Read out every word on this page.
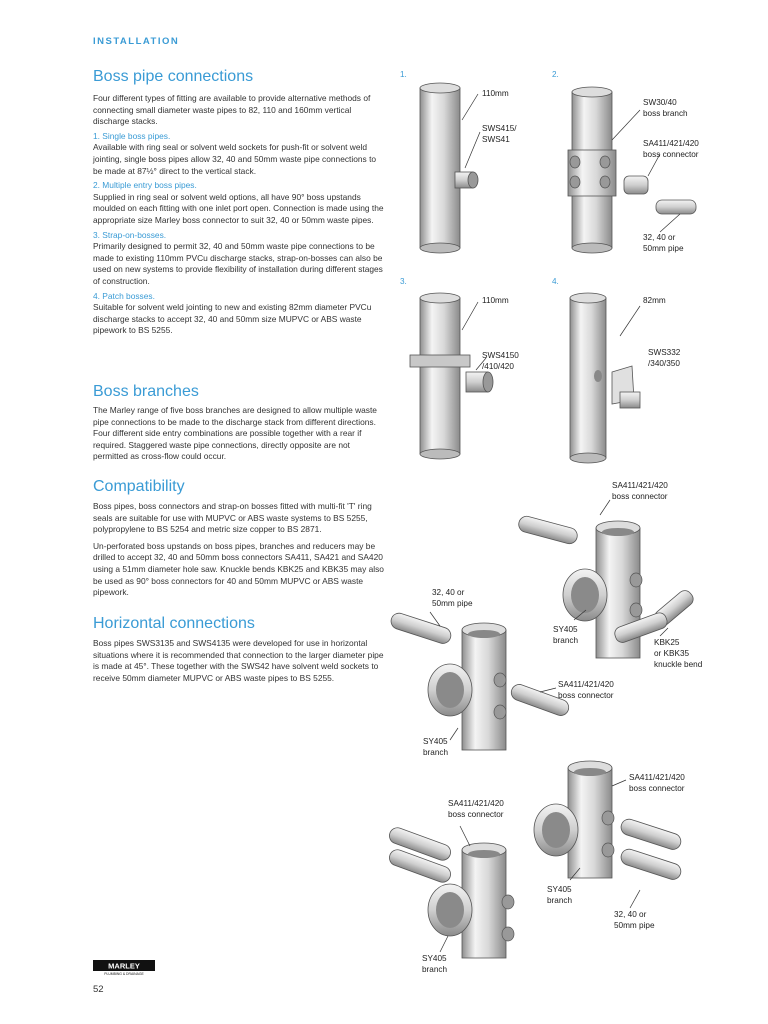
INSTALLATION
Boss pipe connections

Four different types of fitting are available to provide alternative methods of connecting small diameter waste pipes to 82, 110 and 160mm vertical discharge stacks.

1. Single boss pipes.

Available with ring seal or solvent weld sockets for push-fit or solvent weld jointing, single boss pipes allow 32, 40 and 50mm waste pipe connections to be made at 87½° direct to the vertical stack.

2. Multiple entry boss pipes.

Supplied in ring seal or solvent weld options, all have 90° boss upstands moulded on each fitting with one inlet port open. Connection is made using the appropriate size Marley boss connector to suit 32, 40 or 50mm waste pipes.

3. Strap-on-bosses.

Primarily designed to permit 32, 40 and 50mm waste pipe connections to be made to existing 110mm PVCu discharge stacks, strap-on-bosses can also be used on new systems to provide flexibility of installation during different stages of construction.

4. Patch bosses.

Suitable for solvent weld jointing to new and existing 82mm diameter PVCu discharge stacks to accept 32, 40 and 50mm size MUPVC or ABS waste pipework to BS 5255.

Boss branches

The Marley range of five boss branches are designed to allow multiple waste pipe connections to be made to the discharge stack from different directions. Four different side entry combinations are possible together with a rear if required. Staggered waste pipe connections, directly opposite are not permitted as cross-flow could occur.

Compatibility

Boss pipes, boss connectors and strap-on bosses fitted with multi-fit 'T' ring seals are suitable for use with MUPVC or ABS waste systems to BS 5255, polypropylene to BS 5254 and metric size copper to BS 2871.

Un-perforated boss upstands on boss pipes, branches and reducers may be drilled to accept 32, 40 and 50mm boss connectors SA411, SA421 and SA420 using a 51mm diameter hole saw. Knuckle bends KBK25 and KBK35 may also be used as 90° boss connectors for 40 and 50mm MUPVC or ABS waste pipework.

Horizontal connections

Boss pipes SWS3135 and SWS4135 were developed for use in horizontal situations where it is recommended that connection to the larger diameter pipe is made at 45°. These together with the SWS42 have solvent weld sockets to receive 50mm diameter MUPVC or ABS waste pipes to BS 5255.

1.	2.
3.	4.
110mm
SWS415/
SWS41
SW30/40
boss branch
SA411/421/420
boss connector
32, 40 or
50mm pipe
110mm
SWS4150
/410/420
82mm
SWS332
/340/350
SA411/421/420
boss connector
32, 40 or
50mm pipe
SY405
branch	KBK25
or KBK35
knuckle bend
SA411/421/420
boss connector
SY405
branch
SA411/421/420
boss connector
SA411/421/420
boss connector
SY405
branch
32, 40 or
50mm pipe
SY405
branch
MARLEY
PLUMBING & DRAINAGE
52
